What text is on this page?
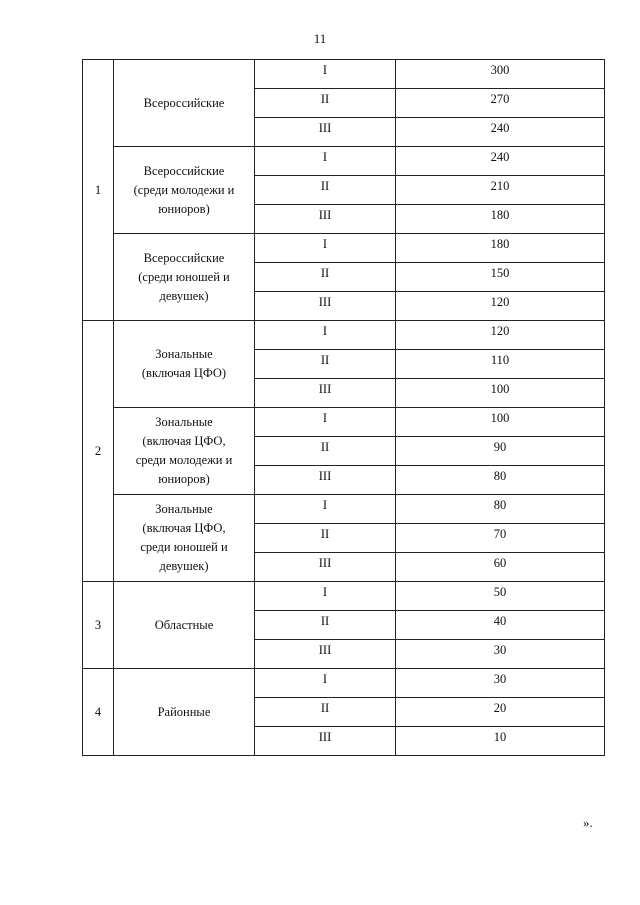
11
1	Всероссийские	I	300
		II	270
		III	240

	Всероссийские
(среди молодежи и
юниоров)	I	240
		II	210
		III	180

	Всероссийские
(среди юношей и
девушек)	I	180
		II	150
		III	120
2	Зональные
(включая ЦФО)	I	120
		II	110
		III	100

	Зональные
(включая ЦФО,
среди молодежи и
юниоров)	I	100
		II	90
		III	80

	Зональные
(включая ЦФО,
среди юношей и
девушек)	I	80
		II	70
		III	60
3	Областные	I	50
		II	40
		III	30
4	Районные	I	30
		II	20
		III	10
».
